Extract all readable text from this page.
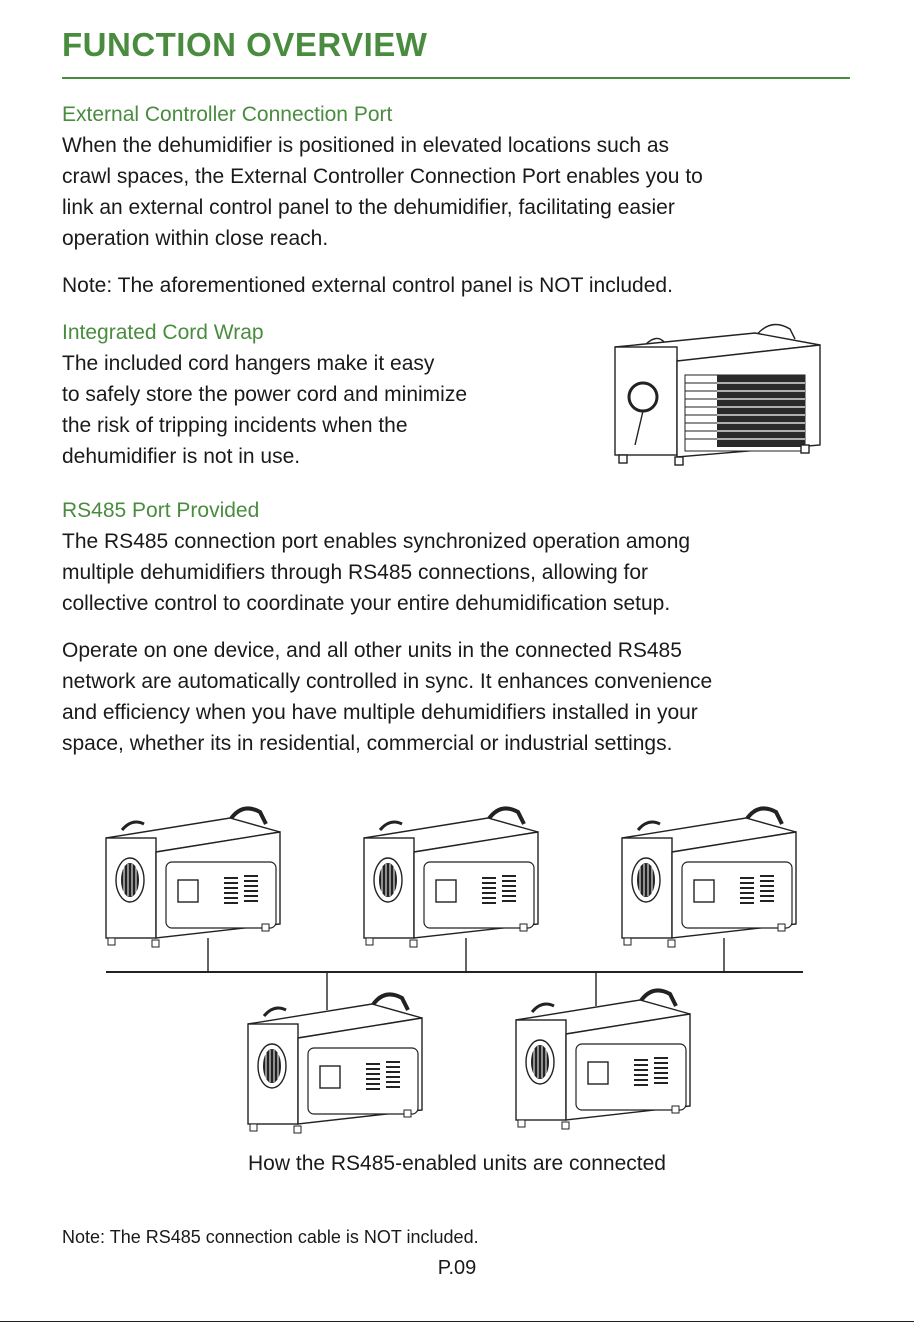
FUNCTION OVERVIEW
External Controller Connection Port

When the dehumidifier is positioned in elevated locations such as

crawl spaces, the External Controller Connection Port enables you to

link an external control panel to the dehumidifier, facilitating easier

operation within close reach.

Note: The aforementioned external control panel is NOT included.

Integrated Cord Wrap

The included cord hangers make it easy

to safely store the power cord and minimize

the risk of tripping incidents when the

dehumidifier is not in use.

RS485 Port Provided

The RS485 connection port enables synchronized operation among

multiple dehumidifiers through RS485 connections, allowing for

collective control to coordinate your entire dehumidification setup.

Operate on one device, and all other units in the connected RS485

network are automatically controlled in sync. It enhances convenience

and efficiency when you have multiple dehumidifiers installed in your

space, whether its in residential, commercial or industrial settings.

How the RS485-enabled units are connected
Note: The RS485 connection cable is NOT included.
P.09
